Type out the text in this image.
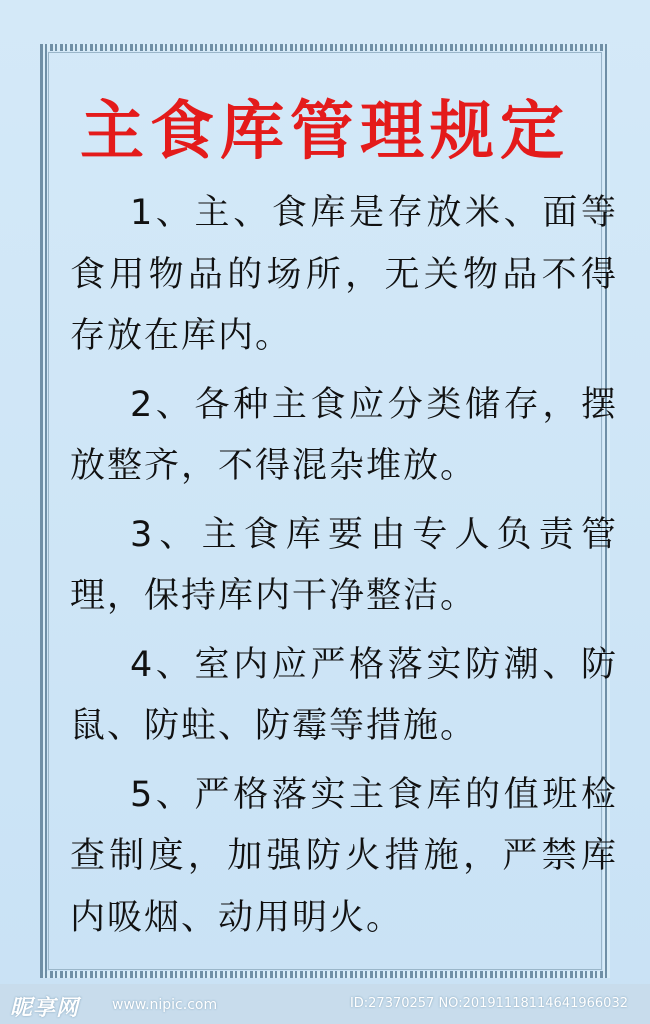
主食库管理规定

1、主、食库是存放米、面等食用物品的场所，无关物品不得存放在库内。

2、各种主食应分类储存，摆放整齐，不得混杂堆放。

3、主食库要由专人负责管理，保持库内干净整洁。

4、室内应严格落实防潮、防鼠、防蛀、防霉等措施。

5、严格落实主食库的值班检查制度，加强防火措施，严禁库内吸烟、动用明火。

昵享网 www.nipic.com	ID:27370257 NO:20191118114641966032
